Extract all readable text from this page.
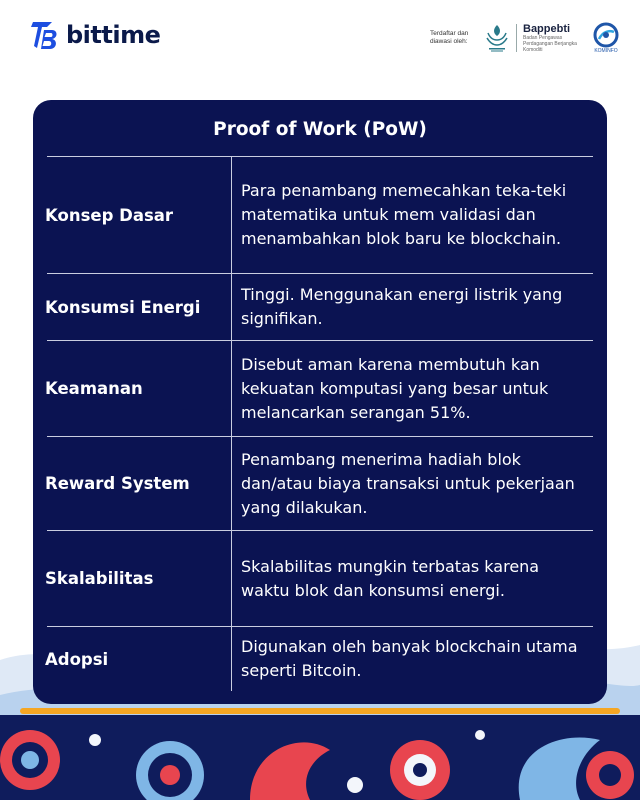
bittime	Terdaftar dan diawasi oleh:
Bappebti
Badan Pengawas Perdagangan Berjangka Komoditi	KOMINFO
Proof of Work (PoW)
Konsep Dasar
Para penambang memecahkan teka-teki matematika untuk mem validasi dan menambahkan blok baru ke blockchain.
Konsumsi Energi
Tinggi. Menggunakan energi listrik yang signifikan.
Keamanan
Disebut aman karena membutuh kan kekuatan komputasi yang besar untuk melancarkan serangan 51%.
Reward System
Penambang menerima hadiah blok dan/atau biaya transaksi untuk pekerjaan yang dilakukan.
Skalabilitas
Skalabilitas mungkin terbatas karena waktu blok dan konsumsi energi.
Adopsi
Digunakan oleh banyak blockchain utama seperti Bitcoin.
